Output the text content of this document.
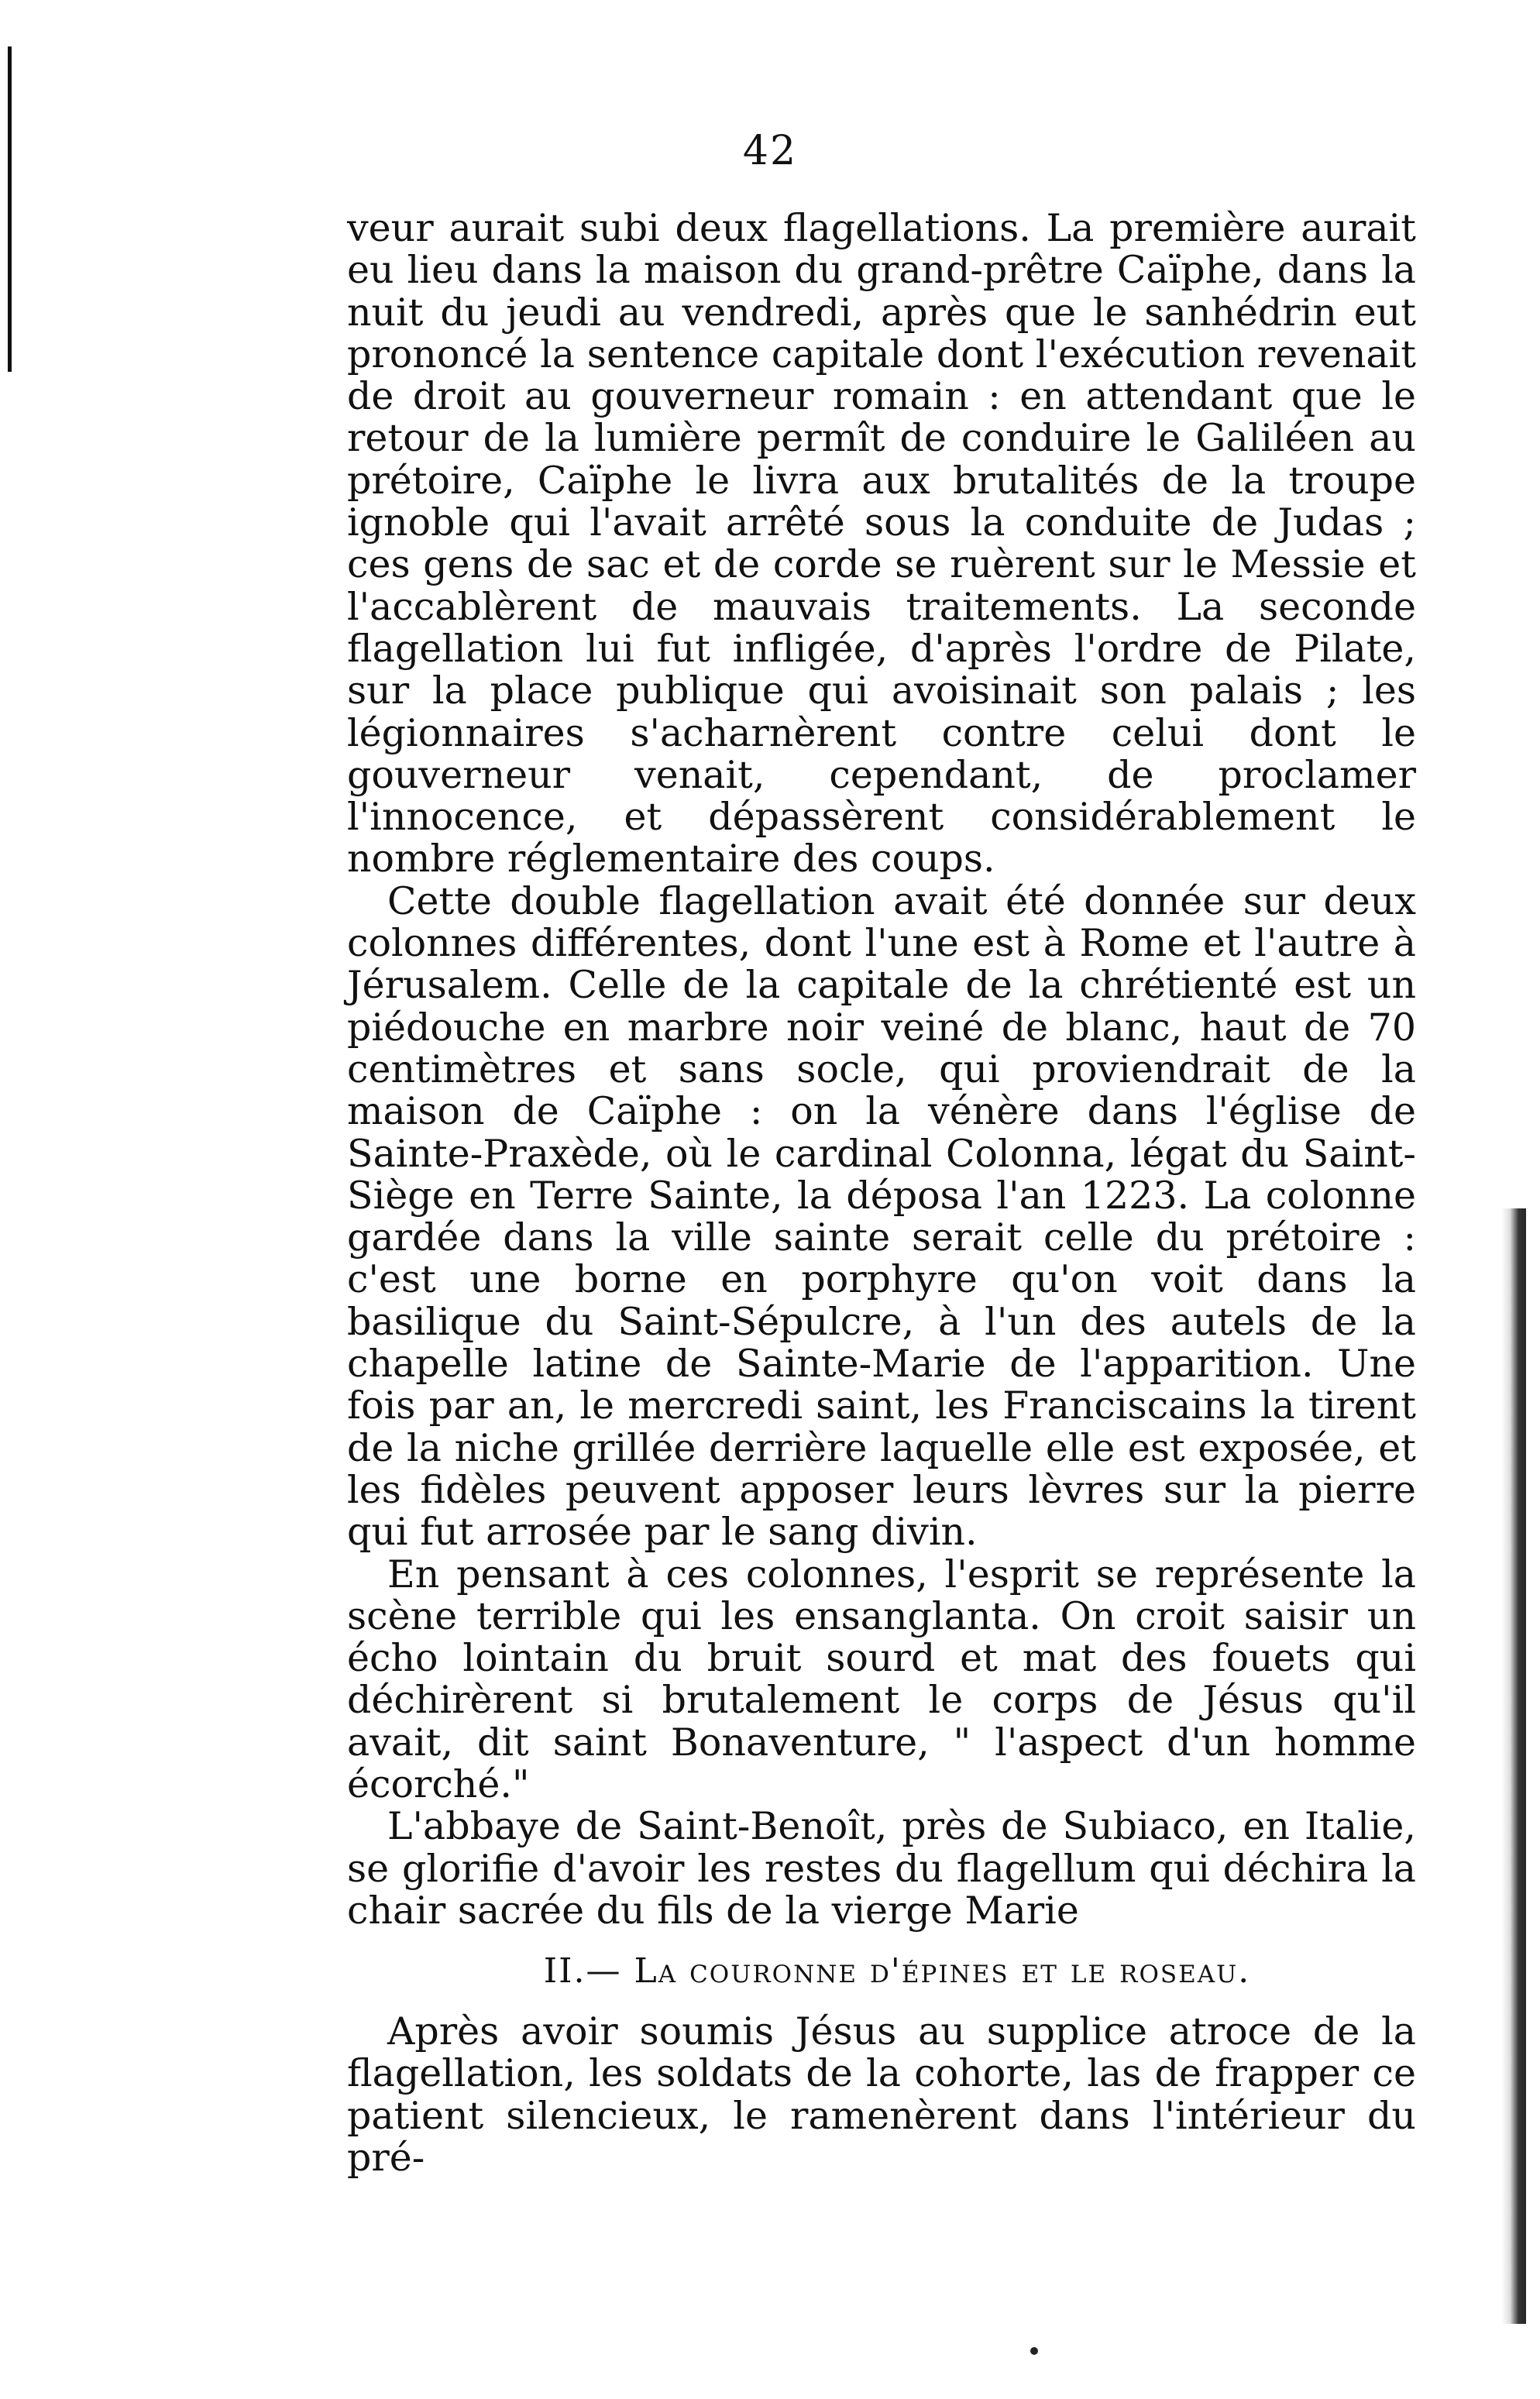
42

veur aurait subi deux flagellations. La première aurait eu lieu dans la maison du grand-prêtre Caïphe, dans la nuit du jeudi au vendredi, après que le sanhédrin eut prononcé la sentence capitale dont l'exécution revenait de droit au gouverneur romain : en attendant que le retour de la lumière permît de conduire le Galiléen au prétoire, Caïphe le livra aux brutalités de la troupe ignoble qui l'avait arrêté sous la conduite de Judas ; ces gens de sac et de corde se ruèrent sur le Messie et l'accablèrent de mauvais traitements. La seconde flagellation lui fut infligée, d'après l'ordre de Pilate, sur la place publique qui avoisinait son palais ; les légionnaires s'acharnèrent contre celui dont le gouverneur venait, cependant, de proclamer l'innocence, et dépassèrent considérablement le nombre réglementaire des coups.

Cette double flagellation avait été donnée sur deux colonnes différentes, dont l'une est à Rome et l'autre à Jérusalem. Celle de la capitale de la chrétienté est un piédouche en marbre noir veiné de blanc, haut de 70 centimètres et sans socle, qui proviendrait de la maison de Caïphe : on la vénère dans l'église de Sainte-Praxède, où le cardinal Colonna, légat du Saint-Siège en Terre Sainte, la déposa l'an 1223. La colonne gardée dans la ville sainte serait celle du prétoire : c'est une borne en porphyre qu'on voit dans la basilique du Saint-Sépulcre, à l'un des autels de la chapelle latine de Sainte-Marie de l'apparition. Une fois par an, le mercredi saint, les Franciscains la tirent de la niche grillée derrière laquelle elle est exposée, et les fidèles peuvent apposer leurs lèvres sur la pierre qui fut arrosée par le sang divin.

En pensant à ces colonnes, l'esprit se représente la scène terrible qui les ensanglanta. On croit saisir un écho lointain du bruit sourd et mat des fouets qui déchirèrent si brutalement le corps de Jésus qu'il avait, dit saint Bonaventure, " l'aspect d'un homme écorché."

L'abbaye de Saint-Benoît, près de Subiaco, en Italie, se glorifie d'avoir les restes du flagellum qui déchira la chair sacrée du fils de la vierge Marie

II.— La couronne d'épines et le roseau.

Après avoir soumis Jésus au supplice atroce de la flagellation, les soldats de la cohorte, las de frapper ce patient silencieux, le ramenèrent dans l'intérieur du pré-
